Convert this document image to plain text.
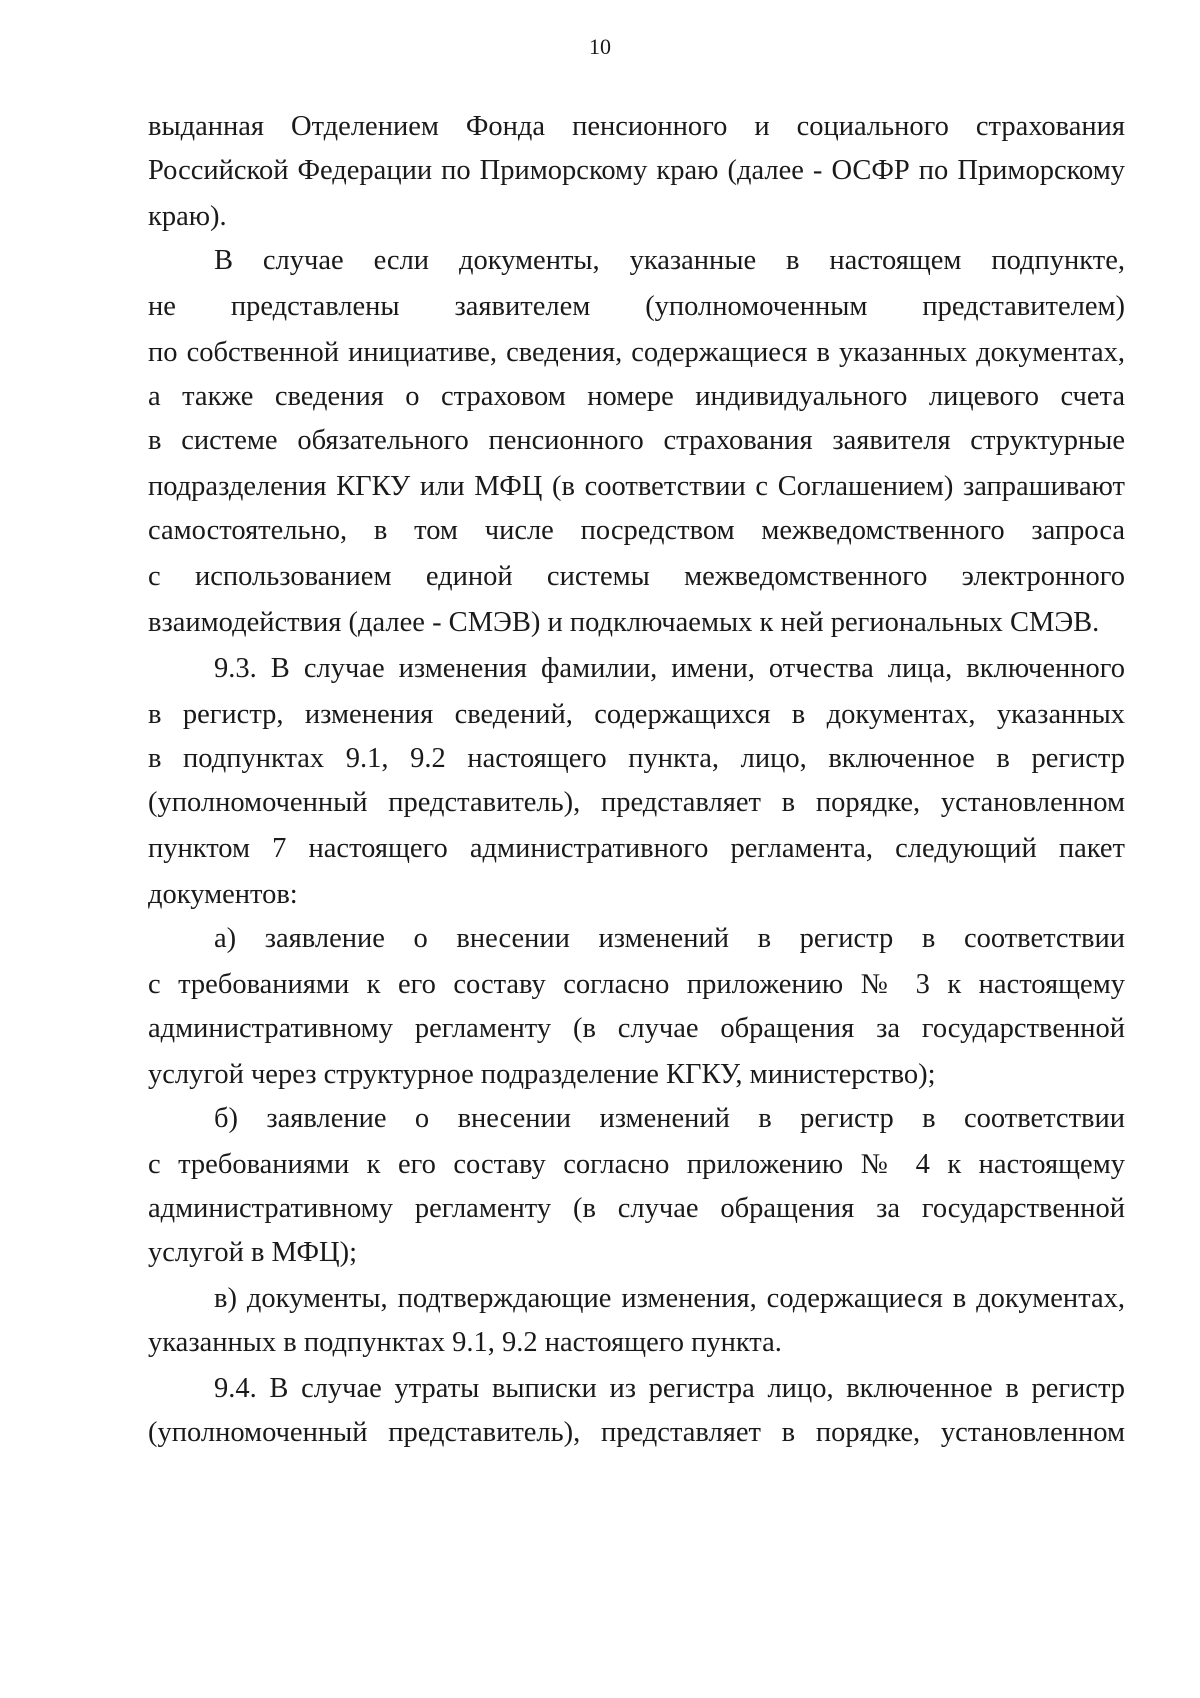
10
выданная Отделением Фонда пенсионного и социального страхования
Российской Федерации по Приморскому краю (далее - ОСФР по Приморскому
краю).
В случае если документы, указанные в настоящем подпункте,
не представлены заявителем (уполномоченным представителем)
по собственной инициативе, сведения, содержащиеся в указанных документах,
а также сведения о страховом номере индивидуального лицевого счета
в системе обязательного пенсионного страхования заявителя структурные
подразделения КГКУ или МФЦ (в соответствии с Соглашением) запрашивают
самостоятельно, в том числе посредством межведомственного запроса
с использованием единой системы межведомственного электронного
взаимодействия (далее - СМЭВ) и подключаемых к ней региональных СМЭВ.
9.3. В случае изменения фамилии, имени, отчества лица, включенного
в регистр, изменения сведений, содержащихся в документах, указанных
в подпунктах 9.1, 9.2 настоящего пункта, лицо, включенное в регистр
(уполномоченный представитель), представляет в порядке, установленном
пунктом 7 настоящего административного регламента, следующий пакет
документов:
а) заявление о внесении изменений в регистр в соответствии
с требованиями к его составу согласно приложению № 3 к настоящему
административному регламенту (в случае обращения за государственной
услугой через структурное подразделение КГКУ, министерство);
б) заявление о внесении изменений в регистр в соответствии
с требованиями к его составу согласно приложению № 4 к настоящему
административному регламенту (в случае обращения за государственной
услугой в МФЦ);
в) документы, подтверждающие изменения, содержащиеся в документах,
указанных в подпунктах 9.1, 9.2 настоящего пункта.
9.4. В случае утраты выписки из регистра лицо, включенное в регистр
(уполномоченный представитель), представляет в порядке, установленном
